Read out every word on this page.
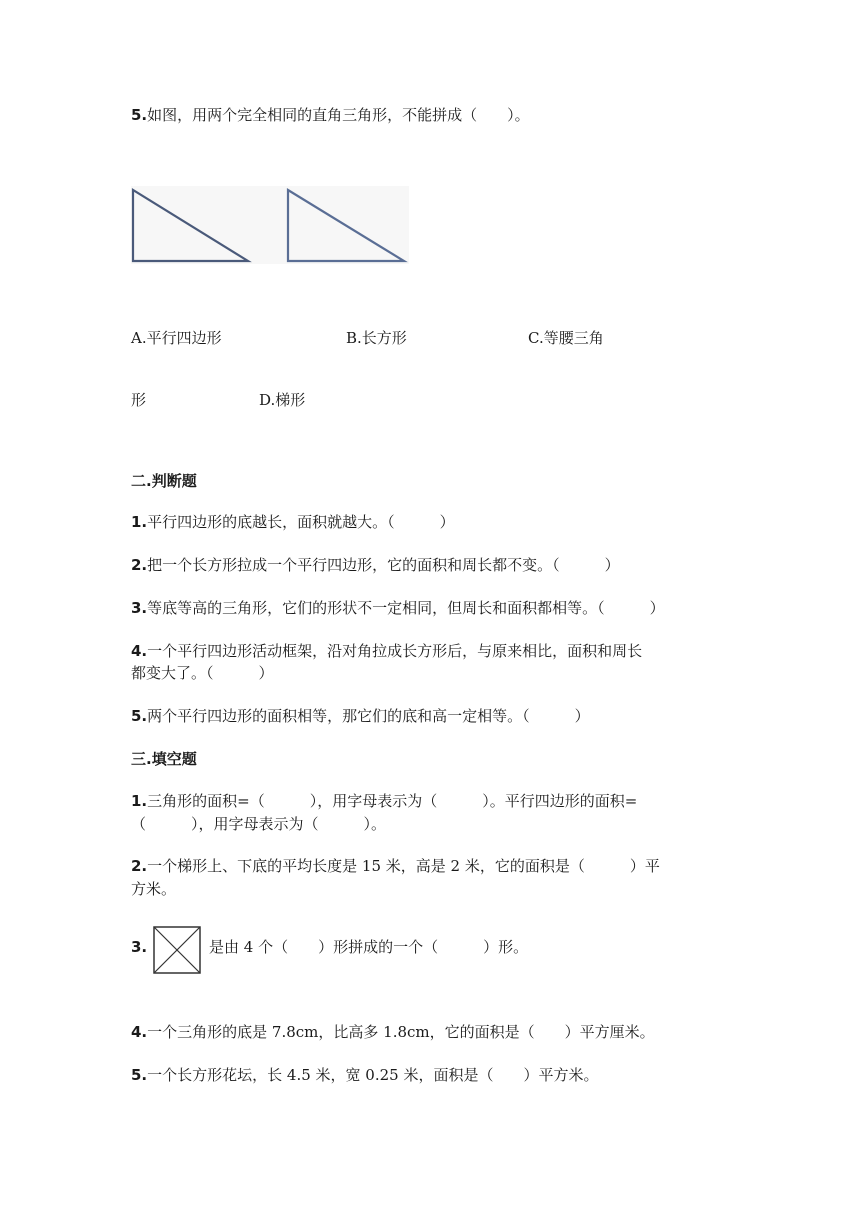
5.如图，用两个完全相同的直角三角形，不能拼成（　　）。
A.平行四边形	B.长方形	C.等腰三角
形	D.梯形
二.判断题
1.平行四边形的底越长，面积就越大。（　　　）
2.把一个长方形拉成一个平行四边形，它的面积和周长都不变。（　　　）
3.等底等高的三角形，它们的形状不一定相同，但周长和面积都相等。（　　　）
4.一个平行四边形活动框架，沿对角拉成长方形后，与原来相比，面积和周长
都变大了。（　　　）
5.两个平行四边形的面积相等，那它们的底和高一定相等。（　　　）
三.填空题
1.三角形的面积=（　　　），用字母表示为（　　　）。平行四边形的面积=
（　　　），用字母表示为（　　　）。
2.一个梯形上、下底的平均长度是 15 米，高是 2 米，它的面积是（　　　）平
方米。
3.	是由 4 个（　　）形拼成的一个（　　　）形。
4.一个三角形的底是 7.8cm，比高多 1.8cm，它的面积是（　　）平方厘米。
5.一个长方形花坛，长 4.5 米，宽 0.25 米，面积是（　　）平方米。
